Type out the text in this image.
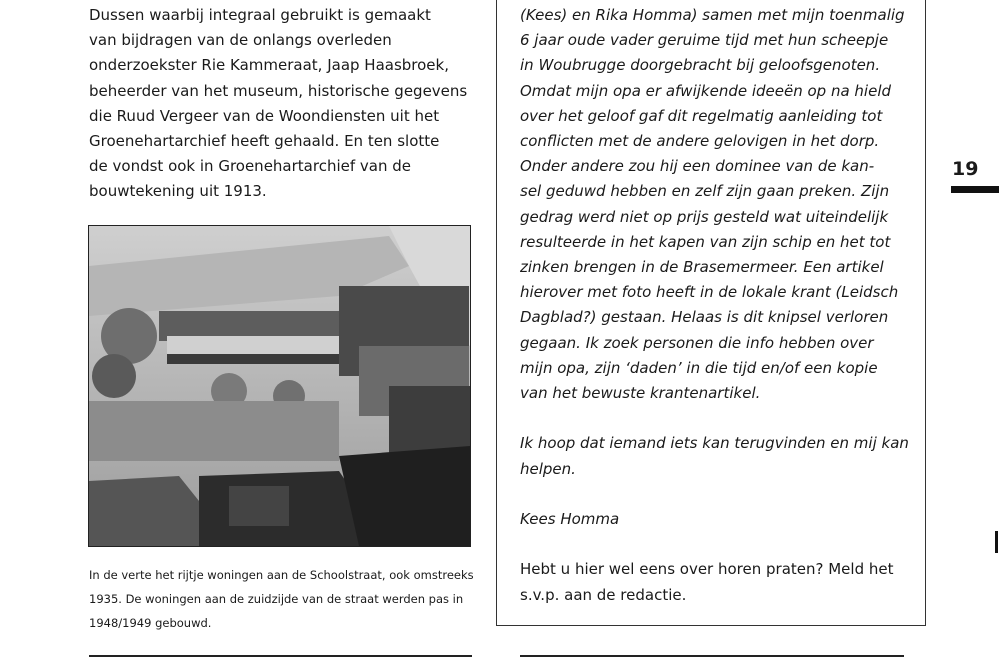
Dussen waarbij integraal gebruikt is gemaakt
van bijdragen van de onlangs overleden
onderzoekster Rie Kammeraat, Jaap Haasbroek,
beheerder van het museum, historische gegevens
die Ruud Vergeer van de Woondiensten uit het
Groenehartarchief heeft gehaald. En ten slotte
de vondst ook in Groenehartarchief van de
bouwtekening uit 1913.
In de verte het rijtje woningen aan de Schoolstraat, ook omstreeks
1935. De woningen aan de zuidzijde van de straat werden pas in
1948/1949 gebouwd.
(Kees) en Rika Homma) samen met mijn toenmalig
6 jaar oude vader geruime tijd met hun scheepje
in Woubrugge doorgebracht bij geloofsgenoten.
Omdat mijn opa er afwijkende ideeën op na hield
over het geloof gaf dit regelmatig aanleiding tot
conflicten met de andere gelovigen in het dorp.
Onder andere zou hij een dominee van de kan-
sel geduwd hebben en zelf zijn gaan preken. Zijn
gedrag werd niet op prijs gesteld wat uiteindelijk
resulteerde in het kapen van zijn schip en het tot
zinken brengen in de Brasemermeer. Een artikel
hierover met foto heeft in de lokale krant (Leidsch
Dagblad?) gestaan. Helaas is dit knipsel verloren
gegaan. Ik zoek personen die info hebben over
mijn opa, zijn ‘daden’ in die tijd en/of een kopie
van het bewuste krantenartikel.
Ik hoop dat iemand iets kan terugvinden en mij kan
helpen.
Kees Homma
Hebt u hier wel eens over horen praten? Meld het
s.v.p. aan de redactie.
19
